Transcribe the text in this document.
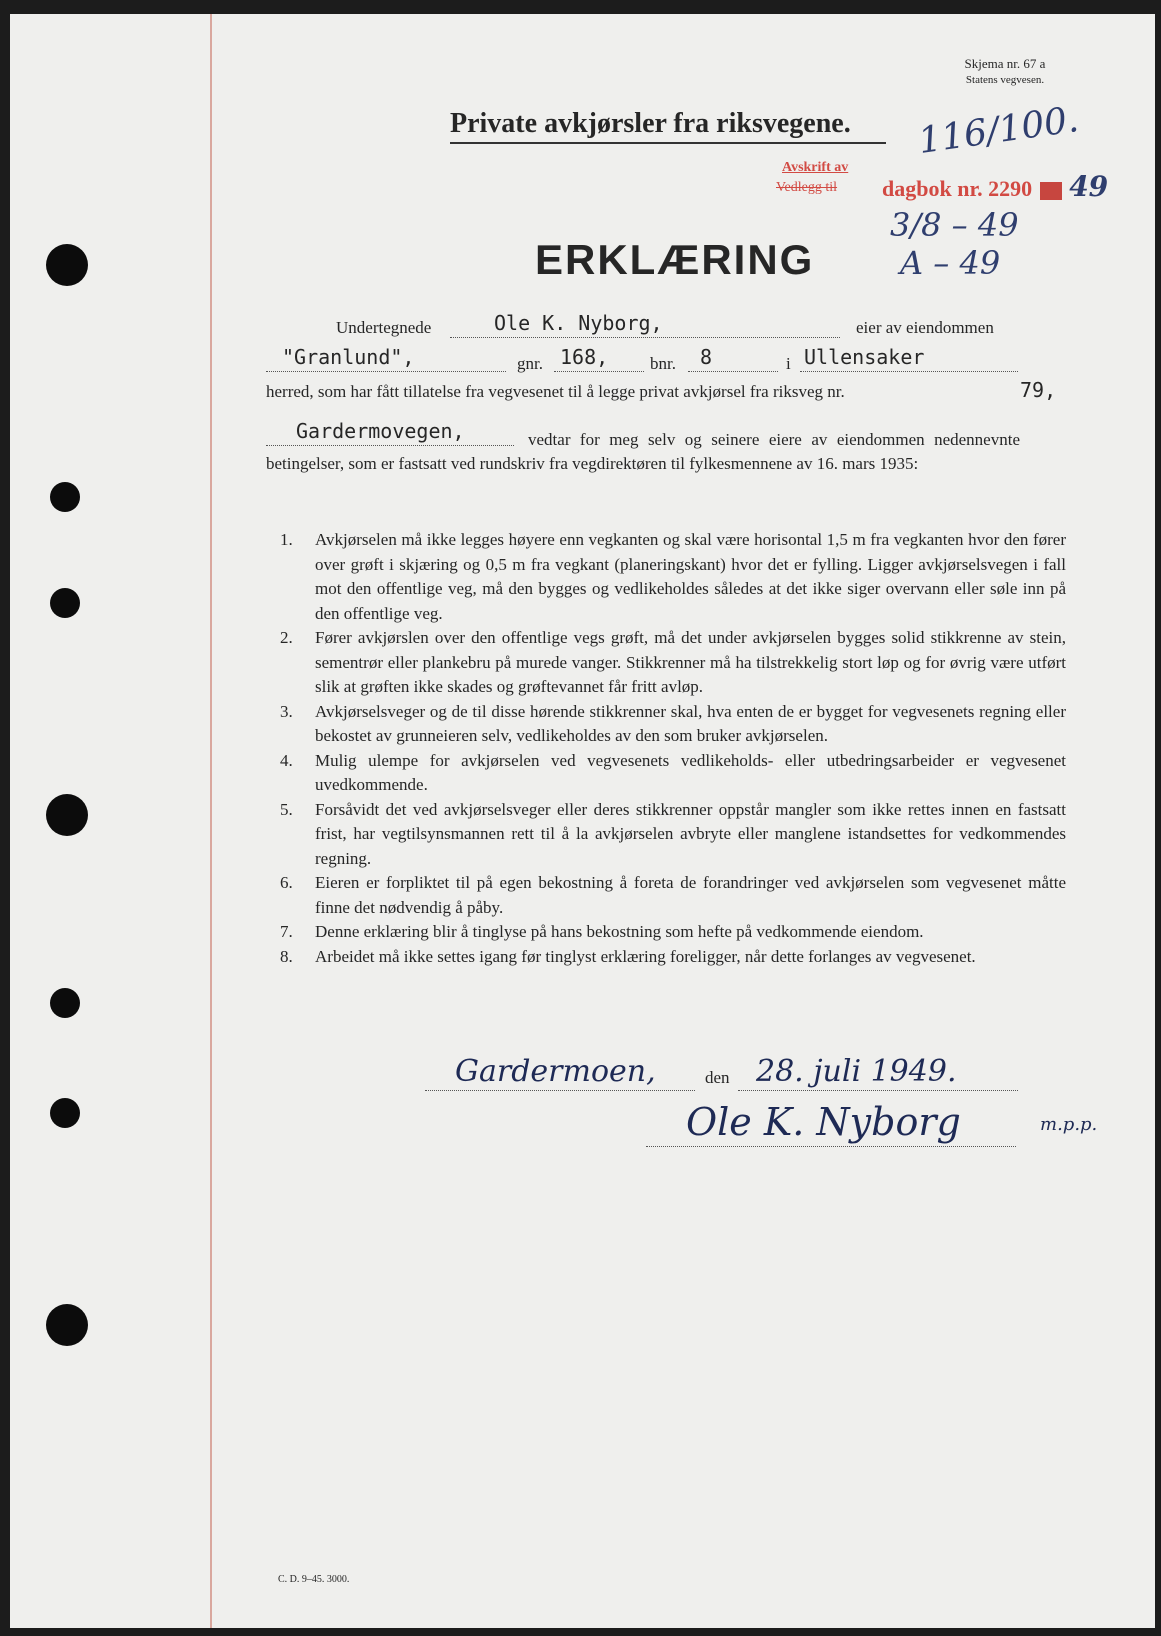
Skjema nr. 67 a
Statens vegvesen.
Private avkjørsler fra riksvegene.
Avskrift av
Vedlegg til dagbok nr. 2290 49
116/100.
3/8 – 49
A – 49
ERKLÆRING
Undertegnede	Ole K. Nyborg,	eier av eiendommen
"Granlund",	gnr. 168, bnr. 8	i Ullensaker
herred, som har fått tillatelse fra vegvesenet til å legge privat avkjørsel fra riksveg nr.	79,
Gardermovegen,	vedtar for meg selv og seinere eiere av eiendommen nedennevnte betingelser, som er fastsatt ved rundskriv fra vegdirektøren til fylkesmennene av 16. mars 1935:

1.	Avkjørselen må ikke legges høyere enn vegkanten og skal være horisontal 1,5 m fra vegkanten hvor den fører over grøft i skjæring og 0,5 m fra vegkant (planeringskant) hvor det er fylling. Ligger avkjørselsvegen i fall mot den offentlige veg, må den bygges og vedlikeholdes således at det ikke siger overvann eller søle inn på den offentlige veg.
2.	Fører avkjørslen over den offentlige vegs grøft, må det under avkjørselen bygges solid stikkrenne av stein, sementrør eller plankebru på murede vanger. Stikkrenner må ha tilstrekkelig stort løp og for øvrig være utført slik at grøften ikke skades og grøftevannet får fritt avløp.
3.	Avkjørselsveger og de til disse hørende stikkrenner skal, hva enten de er bygget for vegvesenets regning eller bekostet av grunneieren selv, vedlikeholdes av den som bruker avkjørselen.
4.	Mulig ulempe for avkjørselen ved vegvesenets vedlikeholds- eller utbedringsarbeider er vegvesenet uvedkommende.
5.	Forsåvidt det ved avkjørselsveger eller deres stikkrenner oppstår mangler som ikke rettes innen en fastsatt frist, har vegtilsynsmannen rett til å la avkjørselen avbryte eller manglene istandsettes for vedkommendes regning.
6.	Eieren er forpliktet til på egen bekostning å foreta de forandringer ved avkjørselen som vegvesenet måtte finne det nødvendig å påby.
7.	Denne erklæring blir å tinglyse på hans bekostning som hefte på vedkommende eiendom.
8.	Arbeidet må ikke settes igang før tinglyst erklæring foreligger, når dette forlanges av vegvesenet.
Gardermoen,	den 28. juli 1949.
Ole K. Nyborg	m.p.p.
C. D. 9–45. 3000.
